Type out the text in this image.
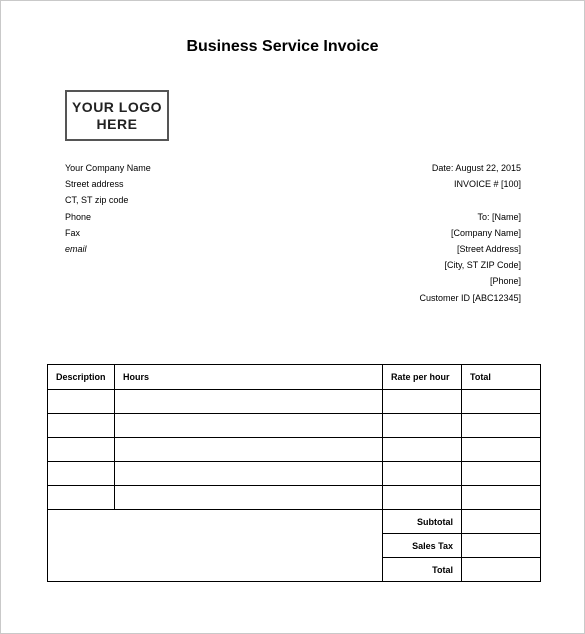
Business Service Invoice
YOUR LOGO
HERE
Your Company Name
Street address
CT, ST zip code
Phone
Fax
email
Date: August 22, 2015
INVOICE # [100]
To: [Name]
[Company Name]
[Street Address]
[City, ST ZIP Code]
[Phone]
Customer ID [ABC12345]
Description	Hours	Rate per hour	Total

		Subtotal	
		Sales Tax	
		Total	
